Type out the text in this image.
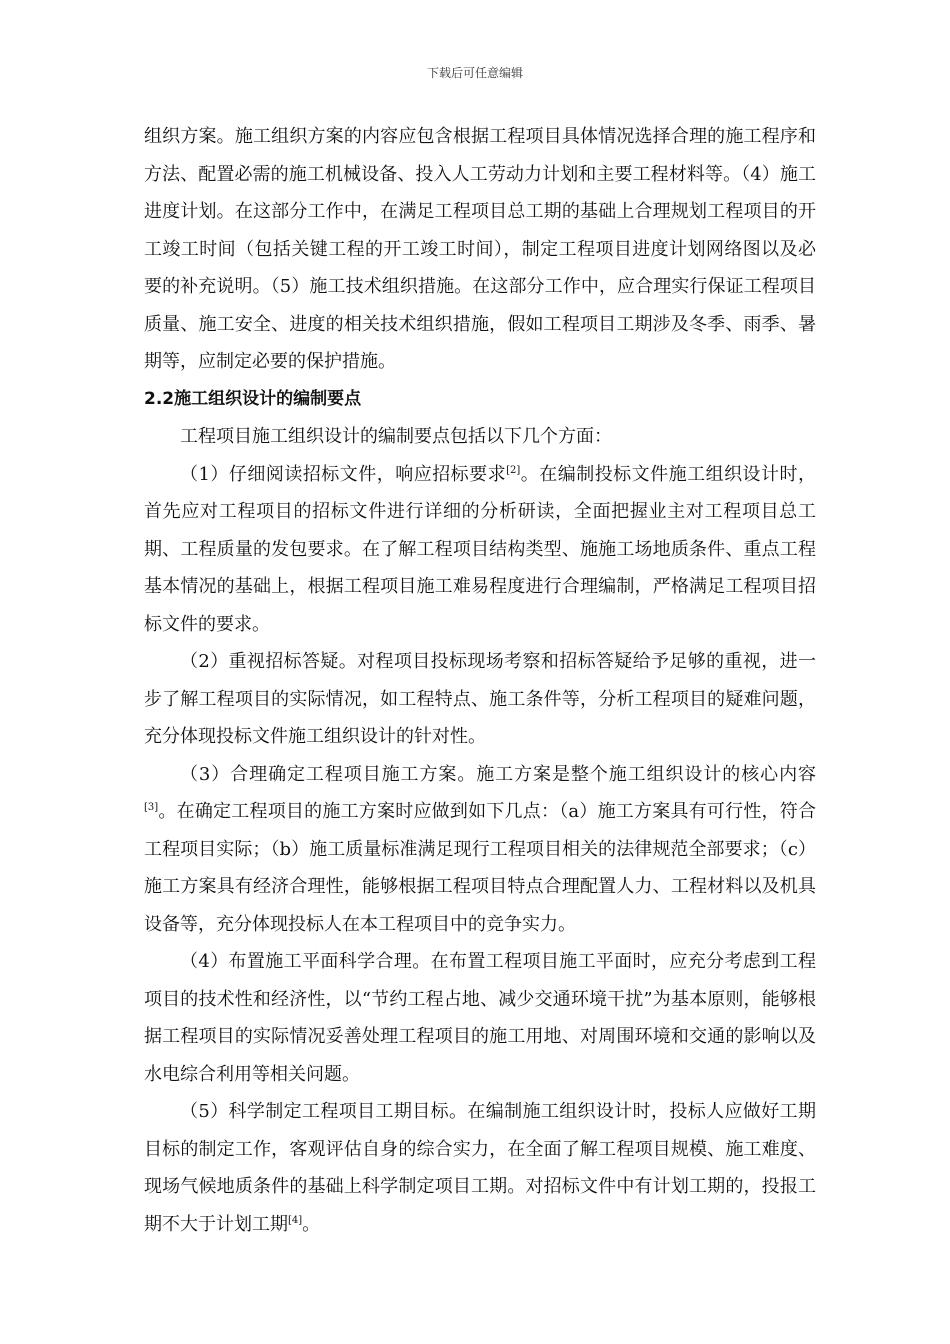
下载后可任意编辑

组织方案。施工组织方案的内容应包含根据工程项目具体情况选择合理的施工程序和方法、配置必需的施工机械设备、投入人工劳动力计划和主要工程材料等。（4）施工进度计划。在这部分工作中，在满足工程项目总工期的基础上合理规划工程项目的开工竣工时间（包括关键工程的开工竣工时间），制定工程项目进度计划网络图以及必要的补充说明。（5）施工技术组织措施。在这部分工作中，应合理实行保证工程项目质量、施工安全、进度的相关技术组织措施，假如工程项目工期涉及冬季、雨季、暑期等，应制定必要的保护措施。

2.2施工组织设计的编制要点

工程项目施工组织设计的编制要点包括以下几个方面：

（1）仔细阅读招标文件，响应招标要求[2]。在编制投标文件施工组织设计时，首先应对工程项目的招标文件进行详细的分析研读，全面把握业主对工程项目总工期、工程质量的发包要求。在了解工程项目结构类型、施施工场地质条件、重点工程基本情况的基础上，根据工程项目施工难易程度进行合理编制，严格满足工程项目招标文件的要求。

（2）重视招标答疑。对程项目投标现场考察和招标答疑给予足够的重视，进一步了解工程项目的实际情况，如工程特点、施工条件等，分析工程项目的疑难问题，充分体现投标文件施工组织设计的针对性。

（3）合理确定工程项目施工方案。施工方案是整个施工组织设计的核心内容[3]。在确定工程项目的施工方案时应做到如下几点：（a）施工方案具有可行性，符合工程项目实际；（b）施工质量标准满足现行工程项目相关的法律规范全部要求；（c）施工方案具有经济合理性，能够根据工程项目特点合理配置人力、工程材料以及机具设备等，充分体现投标人在本工程项目中的竞争实力。

（4）布置施工平面科学合理。在布置工程项目施工平面时，应充分考虑到工程项目的技术性和经济性，以“节约工程占地、减少交通环境干扰”为基本原则，能够根据工程项目的实际情况妥善处理工程项目的施工用地、对周围环境和交通的影响以及水电综合利用等相关问题。

（5）科学制定工程项目工期目标。在编制施工组织设计时，投标人应做好工期目标的制定工作，客观评估自身的综合实力，在全面了解工程项目规模、施工难度、现场气候地质条件的基础上科学制定项目工期。对招标文件中有计划工期的，投报工期不大于计划工期[4]。
